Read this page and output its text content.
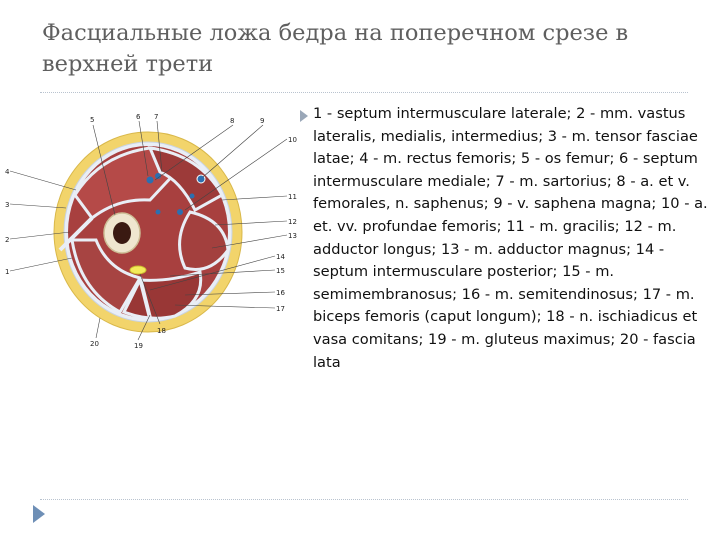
Фасциальные ложа бедра на поперечном срезе в верхней трети
1
2
3
4
5	6 7	8	9
10
11
12
13
14
15
16
17
18
19
20

1 - septum intermusculare laterale; 2 - mm. vastus lateralis, medialis, intermedius; 3 - m. tensor fasciae latae; 4 - m. rectus femoris; 5 - os femur; 6 - septum intermusculare mediale; 7 - m. sartorius; 8 - a. et v. femorales, n. saphenus; 9 - v. saphena magna; 10 - a. et. vv. profundae femoris; 11 - m. gracilis; 12 - m. adductor longus; 13 - m. adductor magnus; 14 - septum intermusculare posterior; 15 - m. semimembranosus; 16 - m. semitendinosus; 17 - m. biceps femoris (caput longum); 18 - n. ischiadicus et vasa comitans; 19 - m. gluteus maximus; 20 - fascia lata
